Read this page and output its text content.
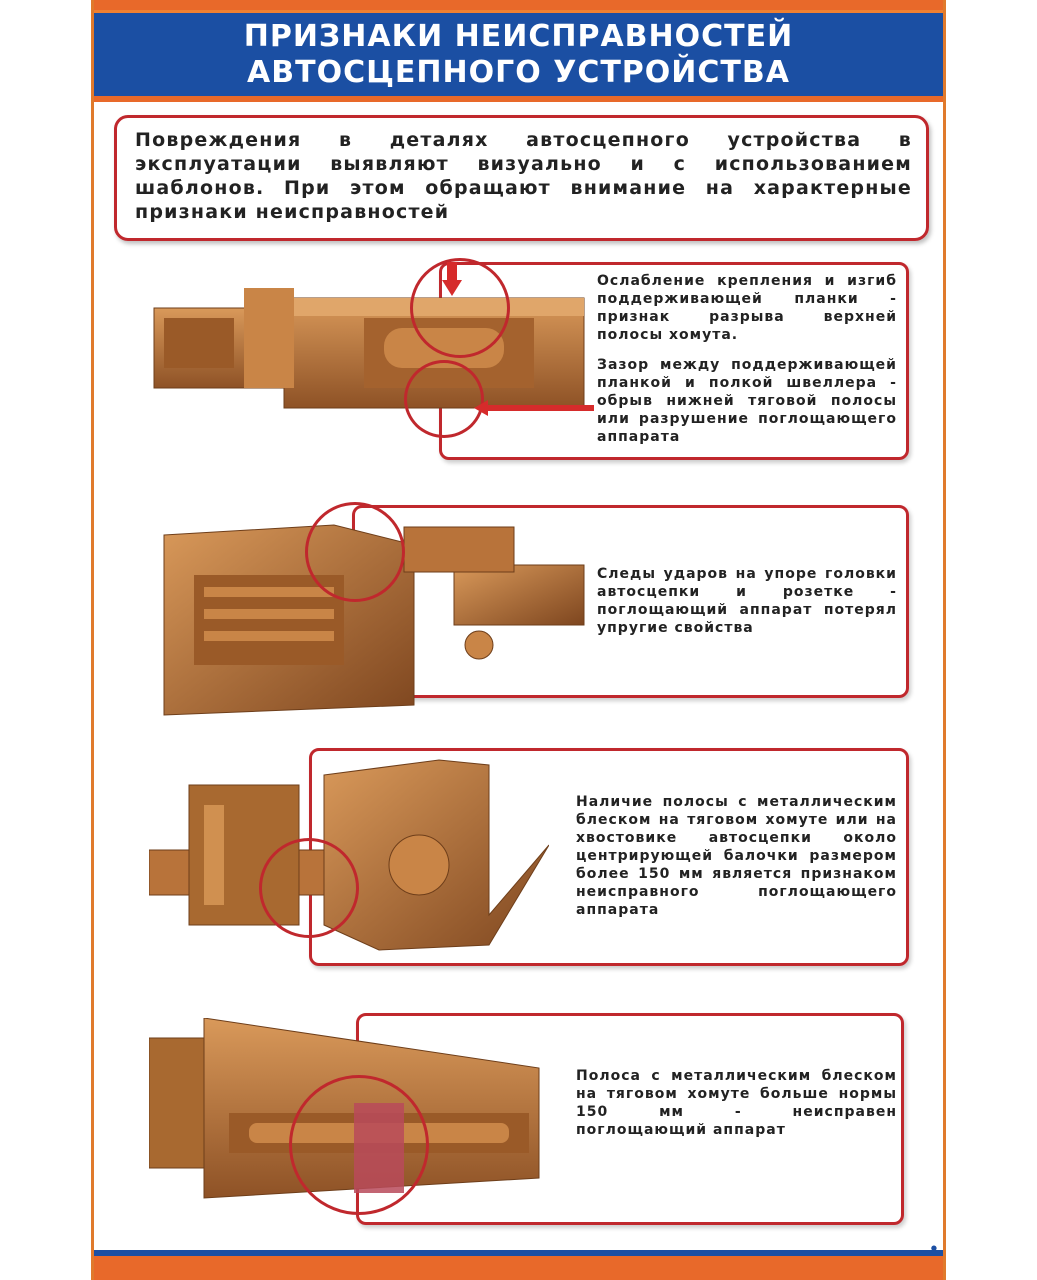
ПРИЗНАКИ НЕИСПРАВНОСТЕЙ
АВТОСЦЕПНОГО УСТРОЙСТВА
Повреждения в деталях автосцепного устройства в эксплуатации выявляют визуально и с использованием шаблонов. При этом обращают внимание на характерные признаки неисправностей

Ослабление крепления и изгиб поддерживающей планки - признак разрыва верхней полосы хомута.

Зазор между поддерживающей планкой и полкой швеллера - обрыв нижней тяговой полосы или разрушение поглощающего аппарата

Следы ударов на упоре головки автосцепки и розетке - поглощающий аппарат потерял упругие свойства

Наличие полосы с металлическим блеском на тяговом хомуте или на хвостовике автосцепки около центрирующей балочки размером более 150 мм является признаком неисправного поглощающего аппарата

Полоса с металлическим блеском на тяговом хомуте больше нормы 150 мм - неисправен поглощающий аппарат

●
